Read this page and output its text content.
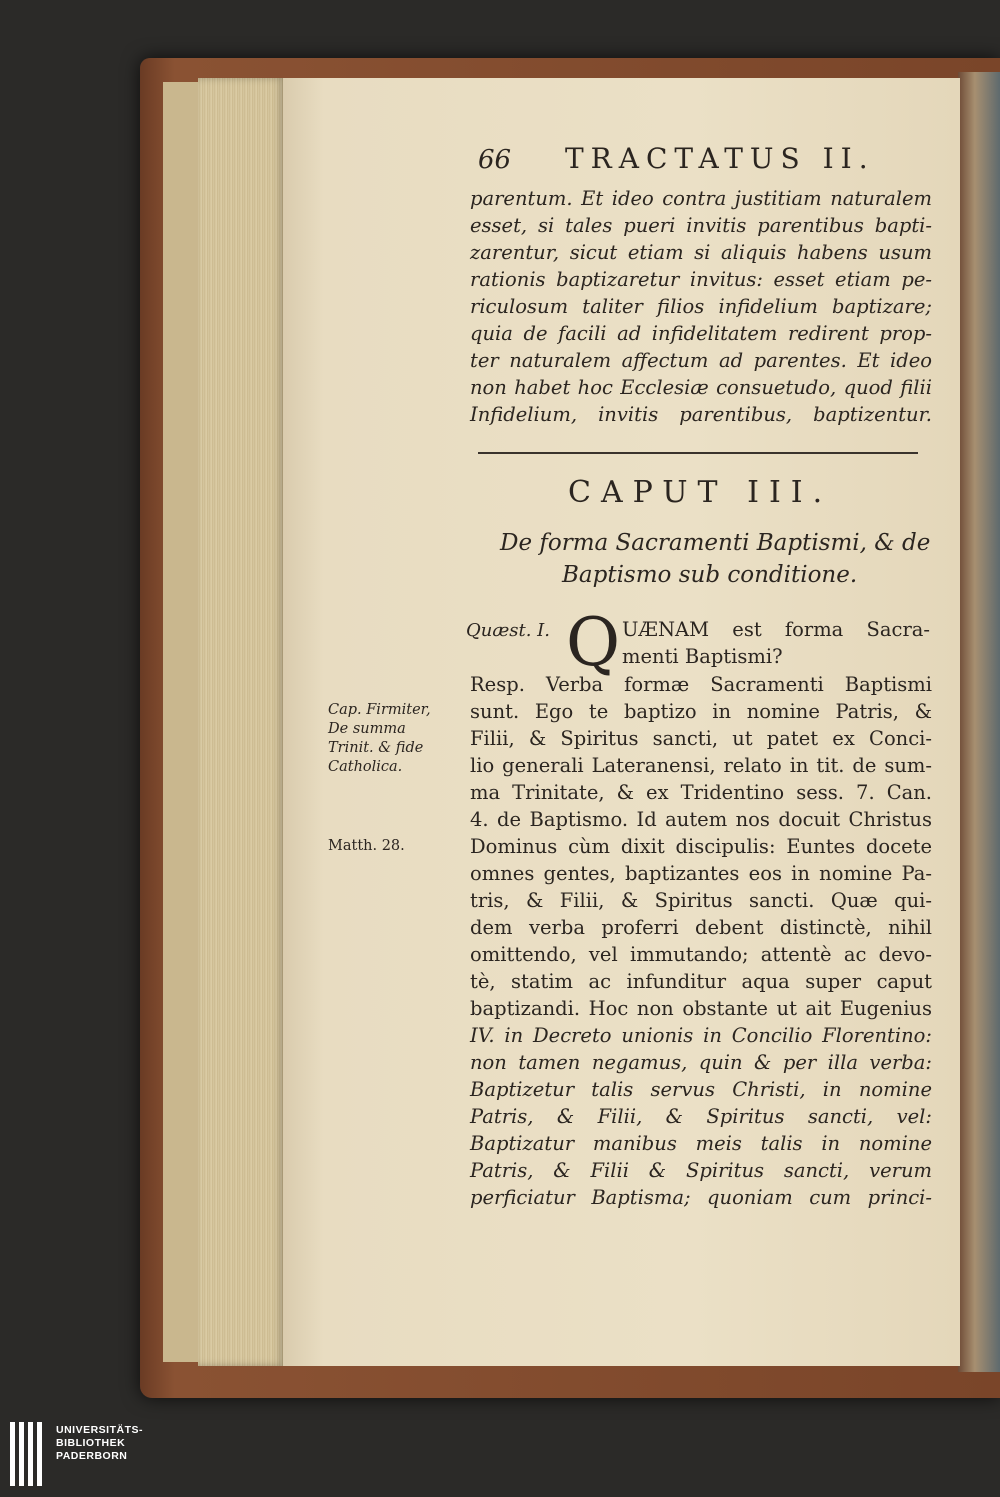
66 TRACTATUS II.
parentum. Et ideo contra justitiam naturalem
esset, si tales pueri invitis parentibus bapti-
zarentur, sicut etiam si aliquis habens usum
rationis baptizaretur invitus: esset etiam pe-
riculosum taliter filios infidelium baptizare;
quia de facili ad infidelitatem redirent prop-
ter naturalem affectum ad parentes. Et ideo
non habet hoc Ecclesiæ consuetudo, quod filii
Infidelium, invitis parentibus, baptizentur.
CAPUT III.
De forma Sacramenti Baptismi, & de
Baptismo sub conditione.
Quæst. I. Q UÆNAM est forma Sacra-
menti Baptismi?
Resp. Verba formæ Sacramenti Baptismi
sunt. Ego te baptizo in nomine Patris, &
Filii, & Spiritus sancti, ut patet ex Conci-
lio generali Lateranensi, relato in tit. de sum-
ma Trinitate, & ex Tridentino sess. 7. Can.
4. de Baptismo. Id autem nos docuit Christus
Dominus cùm dixit discipulis: Euntes docete
omnes gentes, baptizantes eos in nomine Pa-
tris, & Filii, & Spiritus sancti. Quæ qui-
dem verba proferri debent distinctè, nihil
omittendo, vel immutando; attentè ac devo-
tè, statim ac infunditur aqua super caput
baptizandi. Hoc non obstante ut ait Eugenius
IV. in Decreto unionis in Concilio Florentino:
non tamen negamus, quin & per illa verba:
Baptizetur talis servus Christi, in nomine
Patris, & Filii, & Spiritus sancti, vel:
Baptizatur manibus meis talis in nomine
Patris, & Filii & Spiritus sancti, verum
perficiatur Baptisma; quoniam cum princi-
Cap. Firmiter,
De summa
Trinit. & fide
Catholica.
Matth. 28.
UNIVERSITÄTS-
BIBLIOTHEK
PADERBORN
